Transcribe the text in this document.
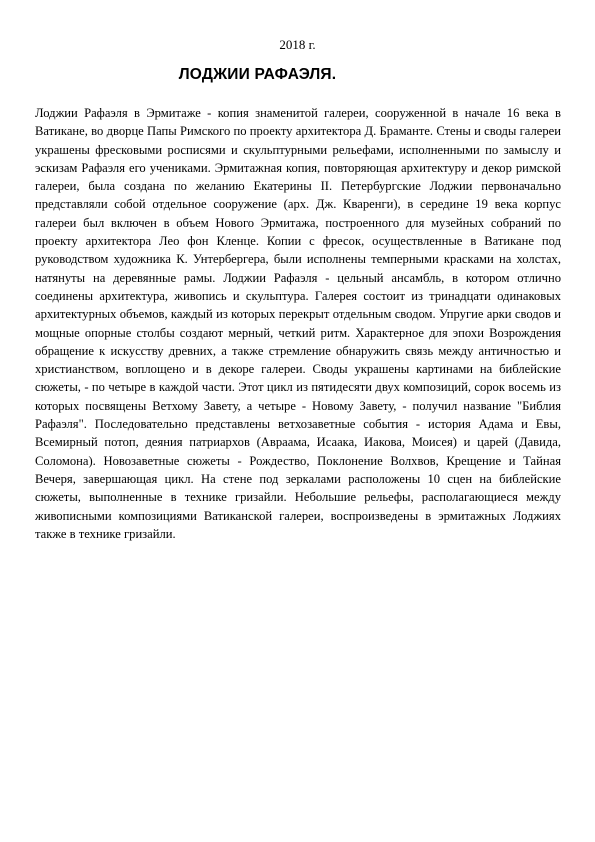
2018 г.
ЛОДЖИИ РАФАЭЛЯ.

Лоджии Рафаэля в Эрмитаже - копия знаменитой галереи, сооруженной в начале 16 века в Ватикане, во дворце Папы Римского по проекту архитектора Д. Браманте. Стены и своды галереи украшены фресковыми росписями и скульптурными рельефами, исполненными по замыслу и эскизам Рафаэля его учениками. Эрмитажная копия, повторяющая архитектуру и декор римской галереи, была создана по желанию Екатерины II. Петербургские Лоджии первоначально представляли собой отдельное сооружение (арх. Дж. Кваренги), в середине 19 века корпус галереи был включен в объем Нового Эрмитажа, построенного для музейных собраний по проекту архитектора Лео фон Кленце. Копии с фресок, осуществленные в Ватикане под руководством художника К. Унтербергера, были исполнены темперными красками на холстах, натянуты на деревянные рамы. Лоджии Рафаэля - цельный ансамбль, в котором отлично соединены архитектура, живопись и скульптура. Галерея состоит из тринадцати одинаковых архитектурных объемов, каждый из которых перекрыт отдельным сводом. Упругие арки сводов и мощные опорные столбы создают мерный, четкий ритм. Характерное для эпохи Возрождения обращение к искусству древних, а также стремление обнаружить связь между античностью и христианством, воплощено и в декоре галереи. Своды украшены картинами на библейские сюжеты, - по четыре в каждой части. Этот цикл из пятидесяти двух композиций, сорок восемь из которых посвящены Ветхому Завету, а четыре - Новому Завету, - получил название "Библия Рафаэля". Последовательно представлены ветхозаветные события - история Адама и Евы, Всемирный потоп, деяния патриархов (Авраама, Исаака, Иакова, Моисея) и царей (Давида, Соломона). Новозаветные сюжеты - Рождество, Поклонение Волхвов, Крещение и Тайная Вечеря, завершающая цикл. На стене под зеркалами расположены 10 сцен на библейские сюжеты, выполненные в технике гризайли. Небольшие рельефы, располагающиеся между живописными композициями Ватиканской галереи, воспроизведены в эрмитажных Лоджиях также в технике гризайли.
